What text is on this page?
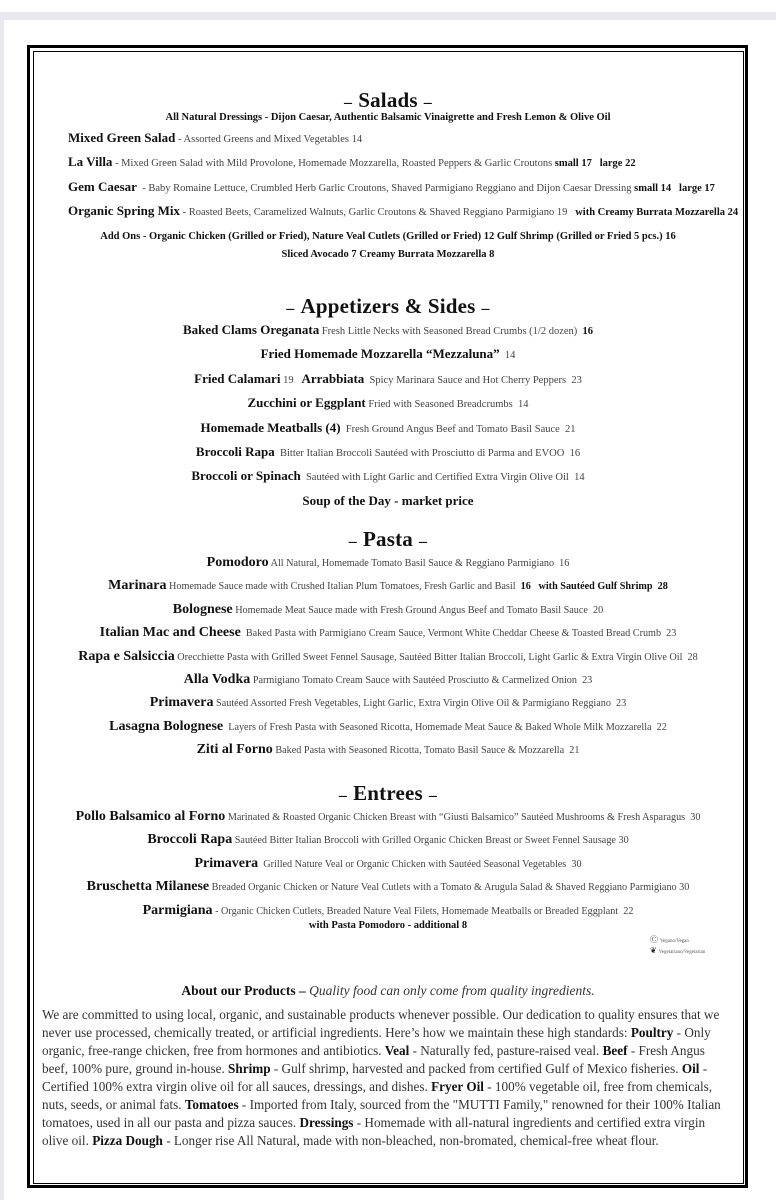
– Salads –
All Natural Dressings - Dijon Caesar, Authentic Balsamic Vinaigrette and Fresh Lemon & Olive Oil
Mixed Green Salad - Assorted Greens and Mixed Vegetables 14
La Villa - Mixed Green Salad with Mild Provolone, Homemade Mozzarella, Roasted Peppers & Garlic Croutons small 17   large 22
Gem Caesar  - Baby Romaine Lettuce, Crumbled Herb Garlic Croutons, Shaved Parmigiano Reggiano and Dijon Caesar Dressing small 14   large 17
Organic Spring Mix - Roasted Beets, Caramelized Walnuts, Garlic Croutons & Shaved Reggiano Parmigiano 19   with Creamy Burrata Mozzarella 24
Add Ons - Organic Chicken (Grilled or Fried), Nature Veal Cutlets (Grilled or Fried) 12 Gulf Shrimp (Grilled or Fried 5 pcs.) 16
Sliced Avocado 7 Creamy Burrata Mozzarella 8
– Appetizers & Sides –
Baked Clams Oreganata Fresh Little Necks with Seasoned Bread Crumbs (1/2 dozen)  16
Fried Homemade Mozzarella “Mezzaluna”  14
Fried Calamari 19   Arrabbiata  Spicy Marinara Sauce and Hot Cherry Peppers  23
Zucchini or Eggplant Fried with Seasoned Breadcrumbs  14
Homemade Meatballs (4)  Fresh Ground Angus Beef and Tomato Basil Sauce  21
Broccoli Rapa  Bitter Italian Broccoli Sautéed with Prosciutto di Parma and EVOO  16
Broccoli or Spinach  Sautéed with Light Garlic and Certified Extra Virgin Olive Oil  14
Soup of the Day - market price
– Pasta –
Pomodoro All Natural, Homemade Tomato Basil Sauce & Reggiano Parmigiano  16
Marinara Homemade Sauce made with Crushed Italian Plum Tomatoes, Fresh Garlic and Basil  16   with Sautéed Gulf Shrimp  28
Bolognese Homemade Meat Sauce made with Fresh Ground Angus Beef and Tomato Basil Sauce  20
Italian Mac and Cheese  Baked Pasta with Parmigiano Cream Sauce, Vermont White Cheddar Cheese & Toasted Bread Crumb  23
Rapa e Salsiccia Orecchiette Pasta with Grilled Sweet Fennel Sausage, Sautéed Bitter Italian Broccoli, Light Garlic & Extra Virgin Olive Oil  28
Alla Vodka Parmigiano Tomato Cream Sauce with Sautéed Prosciutto & Carmelized Onion  23
Primavera Sautéed Assorted Fresh Vegetables, Light Garlic, Extra Virgin Olive Oil & Parmigiano Reggiano  23
Lasagna Bolognese  Layers of Fresh Pasta with Seasoned Ricotta, Homemade Meat Sauce & Baked Whole Milk Mozzarella  22
Ziti al Forno Baked Pasta with Seasoned Ricotta, Tomato Basil Sauce & Mozzarella  21
– Entrees –
Pollo Balsamico al Forno Marinated & Roasted Organic Chicken Breast with “Giusti Balsamico” Sautéed Mushrooms & Fresh Asparagus  30
Broccoli Rapa Sautéed Bitter Italian Broccoli with Grilled Organic Chicken Breast or Sweet Fennel Sausage 30
Primavera  Grilled Nature Veal or Organic Chicken with Sautéed Seasonal Vegetables  30
Bruschetta Milanese Breaded Organic Chicken or Nature Veal Cutlets with a Tomato & Arugula Salad & Shaved Reggiano Parmigiano 30
Parmigiana - Organic Chicken Cutlets, Breaded Nature Veal Filets, Homemade Meatballs or Breaded Eggplant  22
with Pasta Pomodoro - additional 8
Ⓒ Vegano/Vegan
❦ Vegetariano/Vegetarian
About our Products – Quality food can only come from quality ingredients.
We are committed to using local, organic, and sustainable products whenever possible. Our dedication to quality ensures that we never use processed, chemically treated, or artificial ingredients. Here’s how we maintain these high standards: Poultry - Only organic, free-range chicken, free from hormones and antibiotics. Veal - Naturally fed, pasture-raised veal. Beef - Fresh Angus beef, 100% pure, ground in-house. Shrimp - Gulf shrimp, harvested and packed from certified Gulf of Mexico fisheries. Oil - Certified 100% extra virgin olive oil for all sauces, dressings, and dishes. Fryer Oil - 100% vegetable oil, free from chemicals, nuts, seeds, or animal fats. Tomatoes - Imported from Italy, sourced from the "MUTTI Family," renowned for their 100% Italian tomatoes, used in all our pasta and pizza sauces. Dressings - Homemade with all-natural ingredients and certified extra virgin olive oil. Pizza Dough - Longer rise All Natural, made with non-bleached, non-bromated, chemical-free wheat flour.
